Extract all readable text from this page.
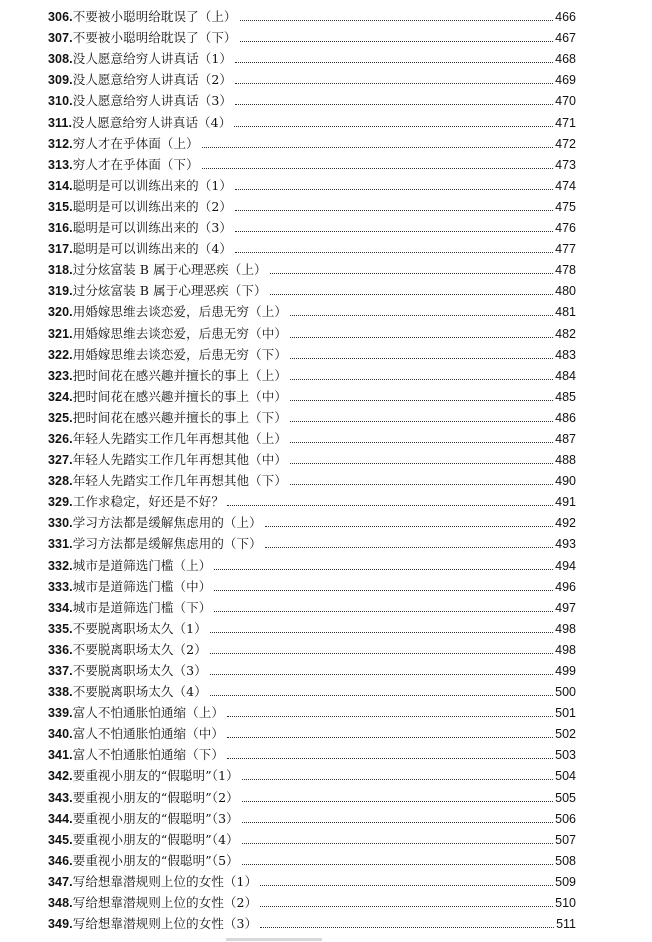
306.不要被小聪明给耽误了（上）	466
307.不要被小聪明给耽误了（下）	467
308.没人愿意给穷人讲真话（1）	468
309.没人愿意给穷人讲真话（2）	469
310.没人愿意给穷人讲真话（3）	470
311.没人愿意给穷人讲真话（4）	471
312.穷人才在乎体面（上）	472
313.穷人才在乎体面（下）	473
314.聪明是可以训练出来的（1）	474
315.聪明是可以训练出来的（2）	475
316.聪明是可以训练出来的（3）	476
317.聪明是可以训练出来的（4）	477
318.过分炫富装 B 属于心理恶疾（上）	478
319.过分炫富装 B 属于心理恶疾（下）	480
320.用婚嫁思维去谈恋爱，后患无穷（上）	481
321.用婚嫁思维去谈恋爱，后患无穷（中）	482
322.用婚嫁思维去谈恋爱，后患无穷（下）	483
323.把时间花在感兴趣并擅长的事上（上）	484
324.把时间花在感兴趣并擅长的事上（中）	485
325.把时间花在感兴趣并擅长的事上（下）	486
326.年轻人先踏实工作几年再想其他（上）	487
327.年轻人先踏实工作几年再想其他（中）	488
328.年轻人先踏实工作几年再想其他（下）	490
329.工作求稳定，好还是不好？	491
330.学习方法都是缓解焦虑用的（上）	492
331.学习方法都是缓解焦虑用的（下）	493
332.城市是道筛选门槛（上）	494
333.城市是道筛选门槛（中）	496
334.城市是道筛选门槛（下）	497
335.不要脱离职场太久（1）	498
336.不要脱离职场太久（2）	498
337.不要脱离职场太久（3）	499
338.不要脱离职场太久（4）	500
339.富人不怕通胀怕通缩（上）	501
340.富人不怕通胀怕通缩（中）	502
341.富人不怕通胀怕通缩（下）	503
342.要重视小朋友的“假聪明”（1）	504
343.要重视小朋友的“假聪明”（2）	505
344.要重视小朋友的“假聪明”（3）	506
345.要重视小朋友的“假聪明”（4）	507
346.要重视小朋友的“假聪明”（5）	508
347.写给想靠潜规则上位的女性（1）	509
348.写给想靠潜规则上位的女性（2）	510
349.写给想靠潜规则上位的女性（3）	511
